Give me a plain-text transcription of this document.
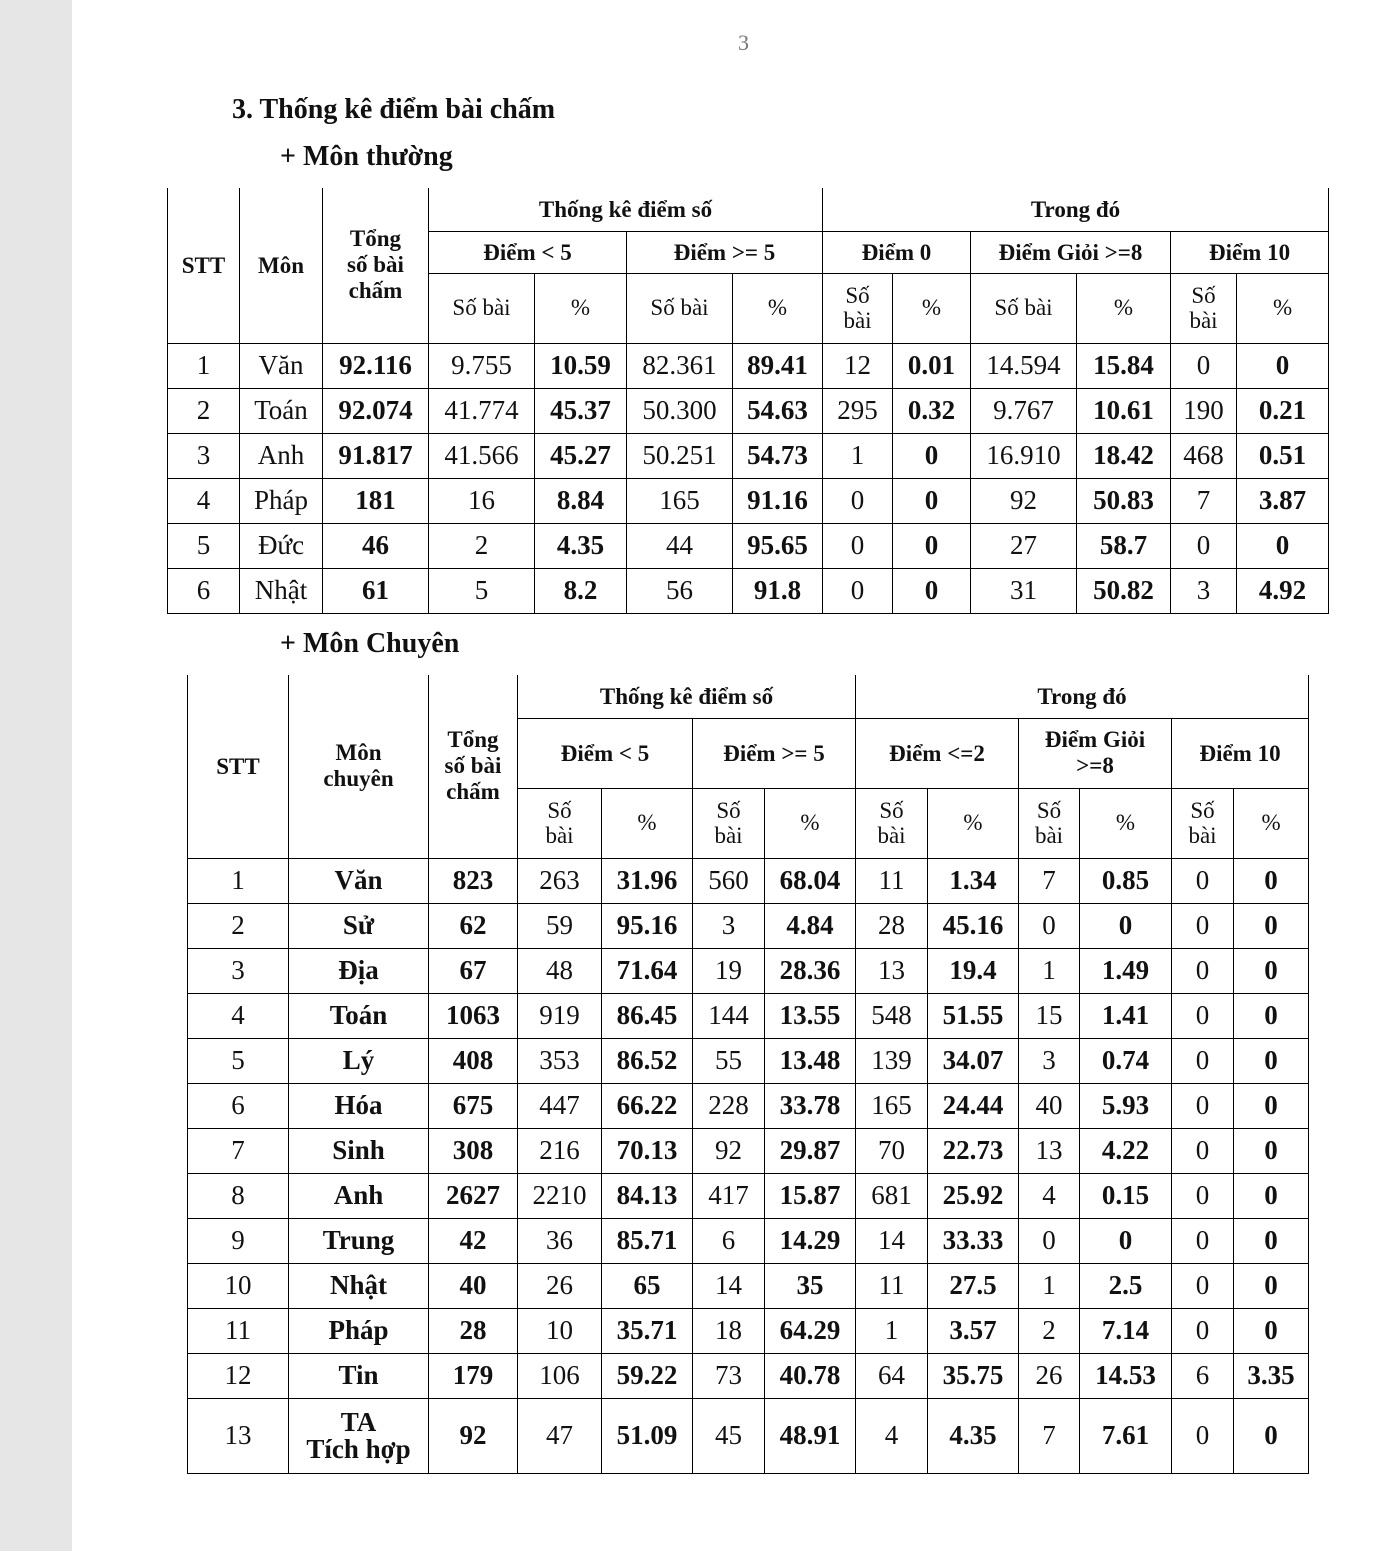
3
3. Thống kê điểm bài chấm
+ Môn thường
+ Môn Chuyên
STT	Môn	Tổng
số bài
chấm	Thống kê điểm số				Trong đó					
			Điểm < 5		Điểm >= 5		Điểm 0		Điểm Giỏi >=8		Điểm 10	
			Số bài	%	Số bài	%	Số
bài	%	Số bài	%	Số
bài	%
1	Văn	92.116	9.755	10.59	82.361	89.41	12	0.01	14.594	15.84	0	0
2	Toán	92.074	41.774	45.37	50.300	54.63	295	0.32	9.767	10.61	190	0.21
3	Anh	91.817	41.566	45.27	50.251	54.73	1	0	16.910	18.42	468	0.51
4	Pháp	181	16	8.84	165	91.16	0	0	92	50.83	7	3.87
5	Đức	46	2	4.35	44	95.65	0	0	27	58.7	0	0
6	Nhật	61	5	8.2	56	91.8	0	0	31	50.82	3	4.92
STT	Môn
chuyên	Tổng
số bài
chấm	Thống kê điểm số				Trong đó					
			Điểm < 5		Điểm >= 5		Điểm <=2		Điểm Giỏi
>=8		Điểm 10	
			Số
bài	%	Số
bài	%	Số
bài	%	Số
bài	%	Số
bài	%
1	Văn	823	263	31.96	560	68.04	11	1.34	7	0.85	0	0
2	Sử	62	59	95.16	3	4.84	28	45.16	0	0	0	0
3	Địa	67	48	71.64	19	28.36	13	19.4	1	1.49	0	0
4	Toán	1063	919	86.45	144	13.55	548	51.55	15	1.41	0	0
5	Lý	408	353	86.52	55	13.48	139	34.07	3	0.74	0	0
6	Hóa	675	447	66.22	228	33.78	165	24.44	40	5.93	0	0
7	Sinh	308	216	70.13	92	29.87	70	22.73	13	4.22	0	0
8	Anh	2627	2210	84.13	417	15.87	681	25.92	4	0.15	0	0
9	Trung	42	36	85.71	6	14.29	14	33.33	0	0	0	0
10	Nhật	40	26	65	14	35	11	27.5	1	2.5	0	0
11	Pháp	28	10	35.71	18	64.29	1	3.57	2	7.14	0	0
12	Tin	179	106	59.22	73	40.78	64	35.75	26	14.53	6	3.35
13	TA
Tích hợp	92	47	51.09	45	48.91	4	4.35	7	7.61	0	0
